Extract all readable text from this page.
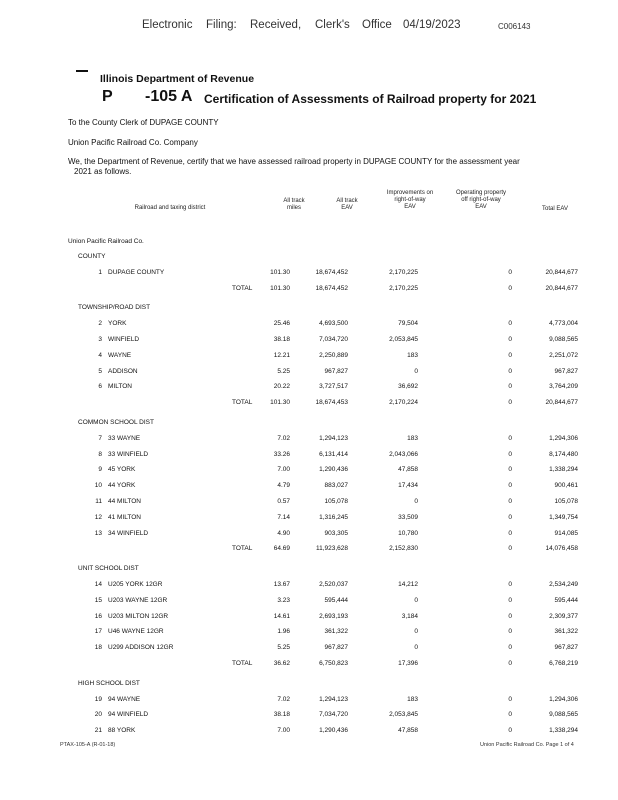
Electronic Filing: Received, Clerk's Office 04/19/2023	C006143
Illinois Department of Revenue
P -105 A Certification of Assessments of Railroad property for 2021
To the County Clerk of DUPAGE COUNTY
Union Pacific Railroad Co. Company
We, the Department of Revenue, certify that we have assessed railroad property in DUPAGE COUNTY for the assessment year
2021 as follows.
Railroad and taxing district
All track
miles
All track
EAV
Improvements on
right-of-way
EAV
Operating property
off right-of-way
EAV	Total EAV
Union Pacific Railroad Co.
COUNTY
1 DUPAGE COUNTY	101.30	18,674,452	2,170,225	0	20,844,677
TOTAL	101.30	18,674,452	2,170,225	0	20,844,677
TOWNSHIP/ROAD DIST
2 YORK	25.46	4,693,500	79,504	0	4,773,004
3 WINFIELD	38.18	7,034,720	2,053,845	0	9,088,565
4 WAYNE	12.21	2,250,889	183	0	2,251,072
5 ADDISON	5.25	967,827	0	0	967,827
6 MILTON	20.22	3,727,517	36,692	0	3,764,209
TOTAL	101.30	18,674,453	2,170,224	0	20,844,677
COMMON SCHOOL DIST
7 33 WAYNE	7.02	1,294,123	183	0	1,294,306
8 33 WINFIELD	33.26	6,131,414	2,043,066	0	8,174,480
9 45 YORK	7.00	1,290,436	47,858	0	1,338,294
10 44 YORK	4.79	883,027	17,434	0	900,461
11 44 MILTON	0.57	105,078	0	0	105,078
12 41 MILTON	7.14	1,316,245	33,509	0	1,349,754
13 34 WINFIELD	4.90	903,305	10,780	0	914,085
TOTAL	64.69	11,923,628	2,152,830	0	14,076,458
UNIT SCHOOL DIST
14 U205 YORK 12GR	13.67	2,520,037	14,212	0	2,534,249
15 U203 WAYNE 12GR	3.23	595,444	0	0	595,444
16 U203 MILTON 12GR	14.61	2,693,193	3,184	0	2,309,377
17 U46 WAYNE 12GR	1.96	361,322	0	0	361,322
18 U299 ADDISON 12GR	5.25	967,827	0	0	967,827
TOTAL	36.62	6,750,823	17,396	0	6,768,219
HIGH SCHOOL DIST
19 94 WAYNE	7.02	1,294,123	183	0	1,294,306
20 94 WINFIELD	38.18	7,034,720	2,053,845	0	9,088,565
21 88 YORK	7.00	1,290,436	47,858	0	1,338,294
PTAX-105-A (R-01-18)	Union Pacific Railroad Co. Page 1 of 4
